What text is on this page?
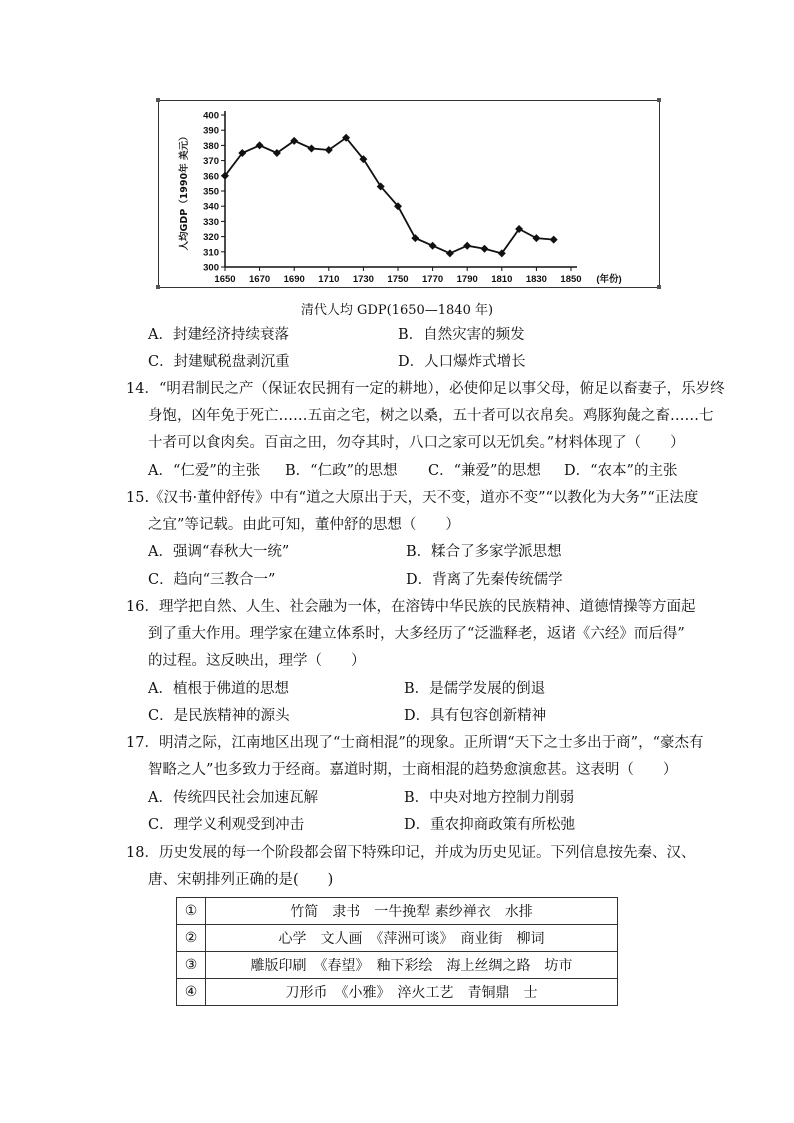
300
310
320
330
340
350
360
370
380
390
400
1650 1670 1690 1710 1730 1750 1770 1790 1810 1830 1850 (年份)
人均GDP（1990年 美元）
清代人均 GDP(1650—1840 年)
A．封建经济持续衰落	B．自然灾害的频发
C．封建赋税盘剥沉重	D．人口爆炸式增长
14．“明君制民之产（保证农民拥有一定的耕地），必使仰足以事父母，俯足以畜妻子，乐岁终
身饱，凶年免于死亡……五亩之宅，树之以桑，五十者可以衣帛矣。鸡豚狗彘之畜……七
十者可以食肉矣。百亩之田，勿夺其时，八口之家可以无饥矣。”材料体现了（　　）
A．“仁爱”的主张 B．“仁政”的思想 C．“兼爱”的思想 D．“农本”的主张
15.《汉书·董仲舒传》中有“道之大原出于天，天不变，道亦不变”“以教化为大务”“正法度
之宜”等记载。由此可知，董仲舒的思想（　　）
A．强调“春秋大一统”	B．糅合了多家学派思想
C．趋向“三教合一”	D．背离了先秦传统儒学
16．理学把自然、人生、社会融为一体，在溶铸中华民族的民族精神、道德情操等方面起
到了重大作用。理学家在建立体系时，大多经历了“泛滥释老，返诸《六经》而后得”
的过程。这反映出，理学（　　）
A．植根于佛道的思想	B．是儒学发展的倒退
C．是民族精神的源头	D．具有包容创新精神
17．明清之际，江南地区出现了“士商相混”的现象。正所谓“天下之士多出于商”，“豪杰有
智略之人”也多致力于经商。嘉道时期，士商相混的趋势愈演愈甚。这表明（　　）
A．传统四民社会加速瓦解	B．中央对地方控制力削弱
C．理学义利观受到冲击	D．重农抑商政策有所松弛
18．历史发展的每一个阶段都会留下特殊印记，并成为历史见证。下列信息按先秦、汉、
唐、宋朝排列正确的是(　　)
①	竹简　隶书　一牛挽犁 素纱禅衣　水排
②	心学　文人画　《萍洲可谈》　商业街　柳词
③	雕版印刷　《春望》　釉下彩绘　海上丝绸之路　坊市
④	刀形币　《小雅》　淬火工艺　青铜鼎　士
